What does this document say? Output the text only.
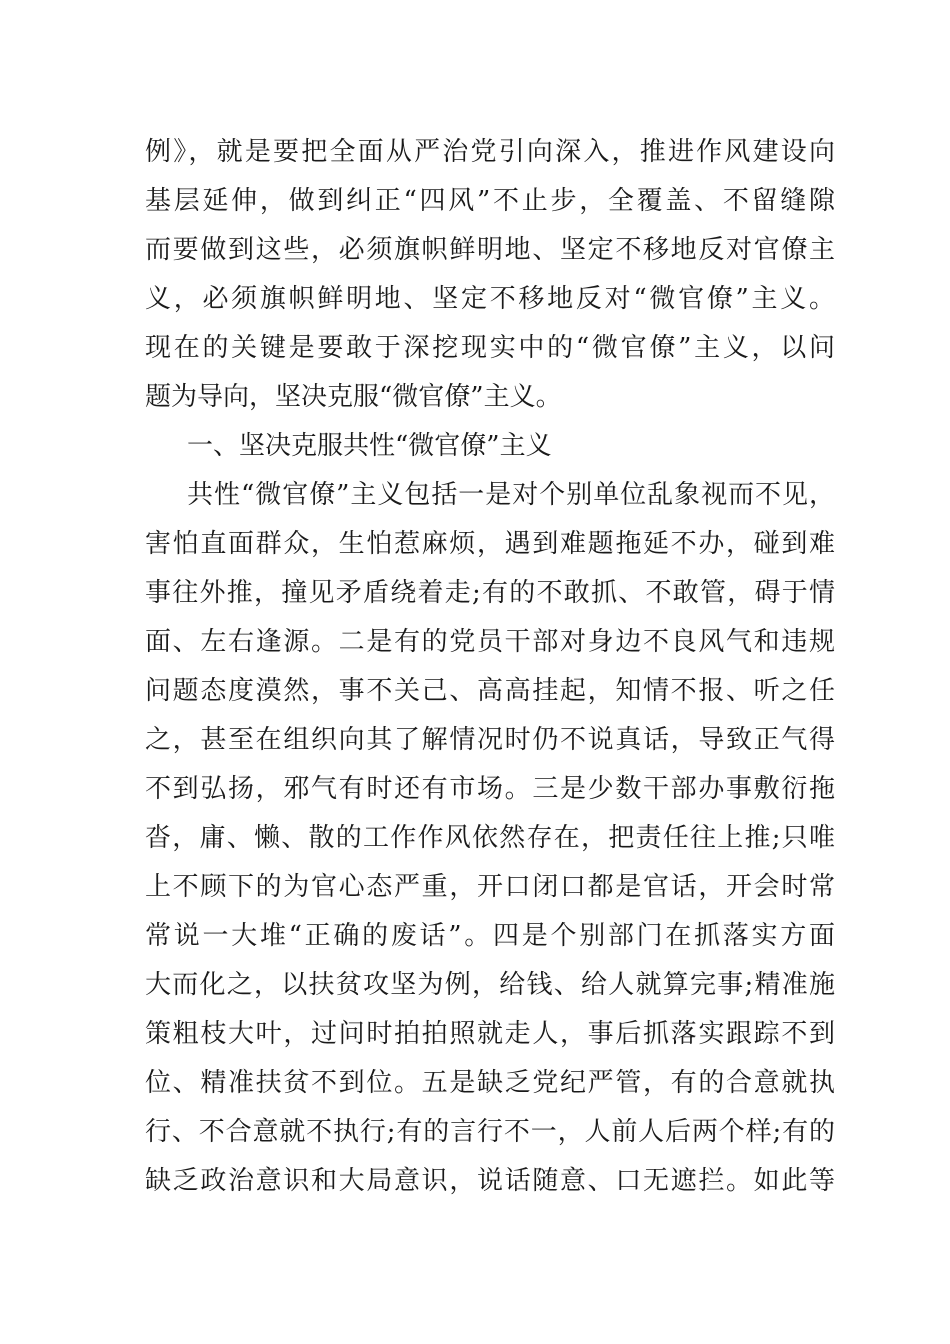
例》，就是要把全面从严治党引向深入，推进作风建设向
基层延伸，做到纠正“四风”不止步，全覆盖、不留缝隙
而要做到这些，必须旗帜鲜明地、坚定不移地反对官僚主
义，必须旗帜鲜明地、坚定不移地反对“微官僚”主义。
现在的关键是要敢于深挖现实中的“微官僚”主义，以问
题为导向，坚决克服“微官僚”主义。
一、坚决克服共性“微官僚”主义
共性“微官僚”主义包括一是对个别单位乱象视而不见，
害怕直面群众，生怕惹麻烦，遇到难题拖延不办，碰到难
事往外推，撞见矛盾绕着走;有的不敢抓、不敢管，碍于情
面、左右逢源。二是有的党员干部对身边不良风气和违规
问题态度漠然，事不关己、高高挂起，知情不报、听之任
之，甚至在组织向其了解情况时仍不说真话，导致正气得
不到弘扬，邪气有时还有市场。三是少数干部办事敷衍拖
沓，庸、懒、散的工作作风依然存在，把责任往上推;只唯
上不顾下的为官心态严重，开口闭口都是官话，开会时常
常说一大堆“正确的废话”。四是个别部门在抓落实方面
大而化之，以扶贫攻坚为例，给钱、给人就算完事;精准施
策粗枝大叶，过问时拍拍照就走人，事后抓落实跟踪不到
位、精准扶贫不到位。五是缺乏党纪严管，有的合意就执
行、不合意就不执行;有的言行不一，人前人后两个样;有的
缺乏政治意识和大局意识，说话随意、口无遮拦。如此等
